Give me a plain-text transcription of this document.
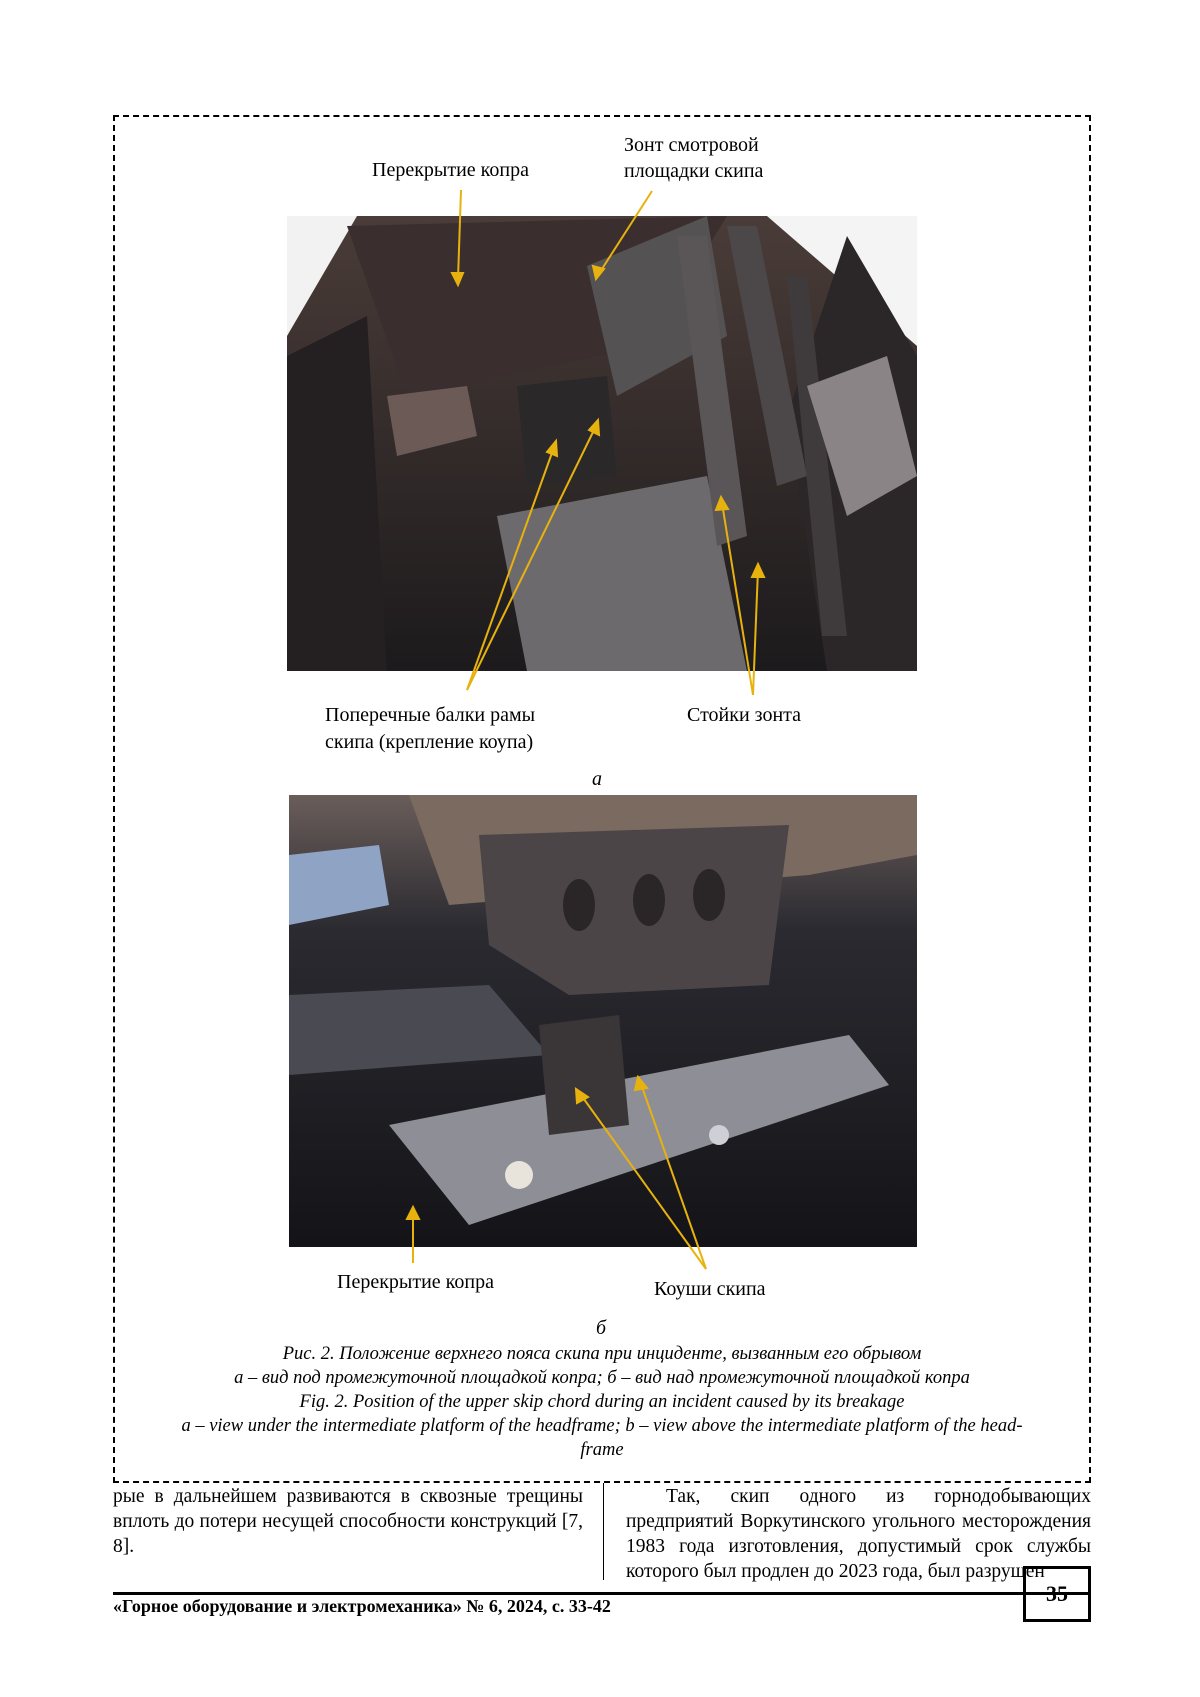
Перекрытие копра
Зонт смотровой
площадки скипа
Поперечные балки рамы
скипа (крепление коупа)
Стойки зонта
а
Перекрытие копра	Коуши скипа
б
Рис. 2. Положение верхнего пояса скипа при инциденте, вызванным его обрывом
а – вид под промежуточной площадкой копра; б – вид над промежуточной площадкой копра
Fig. 2. Position of the upper skip chord during an incident caused by its breakage
a – view under the intermediate platform of the headframe; b – view above the intermediate platform of the head-
frame

рые в дальнейшем развиваются в сквозные трещины вплоть до потери несущей способности конструкций [7, 8].

Так, скип одного из горнодобывающих предприятий Воркутинского угольного месторождения 1983 года изготовления, допустимый срок службы которого был продлен до 2023 года, был разрушен

«Горное оборудование и электромеханика» № 6, 2024, с. 33-42	35
